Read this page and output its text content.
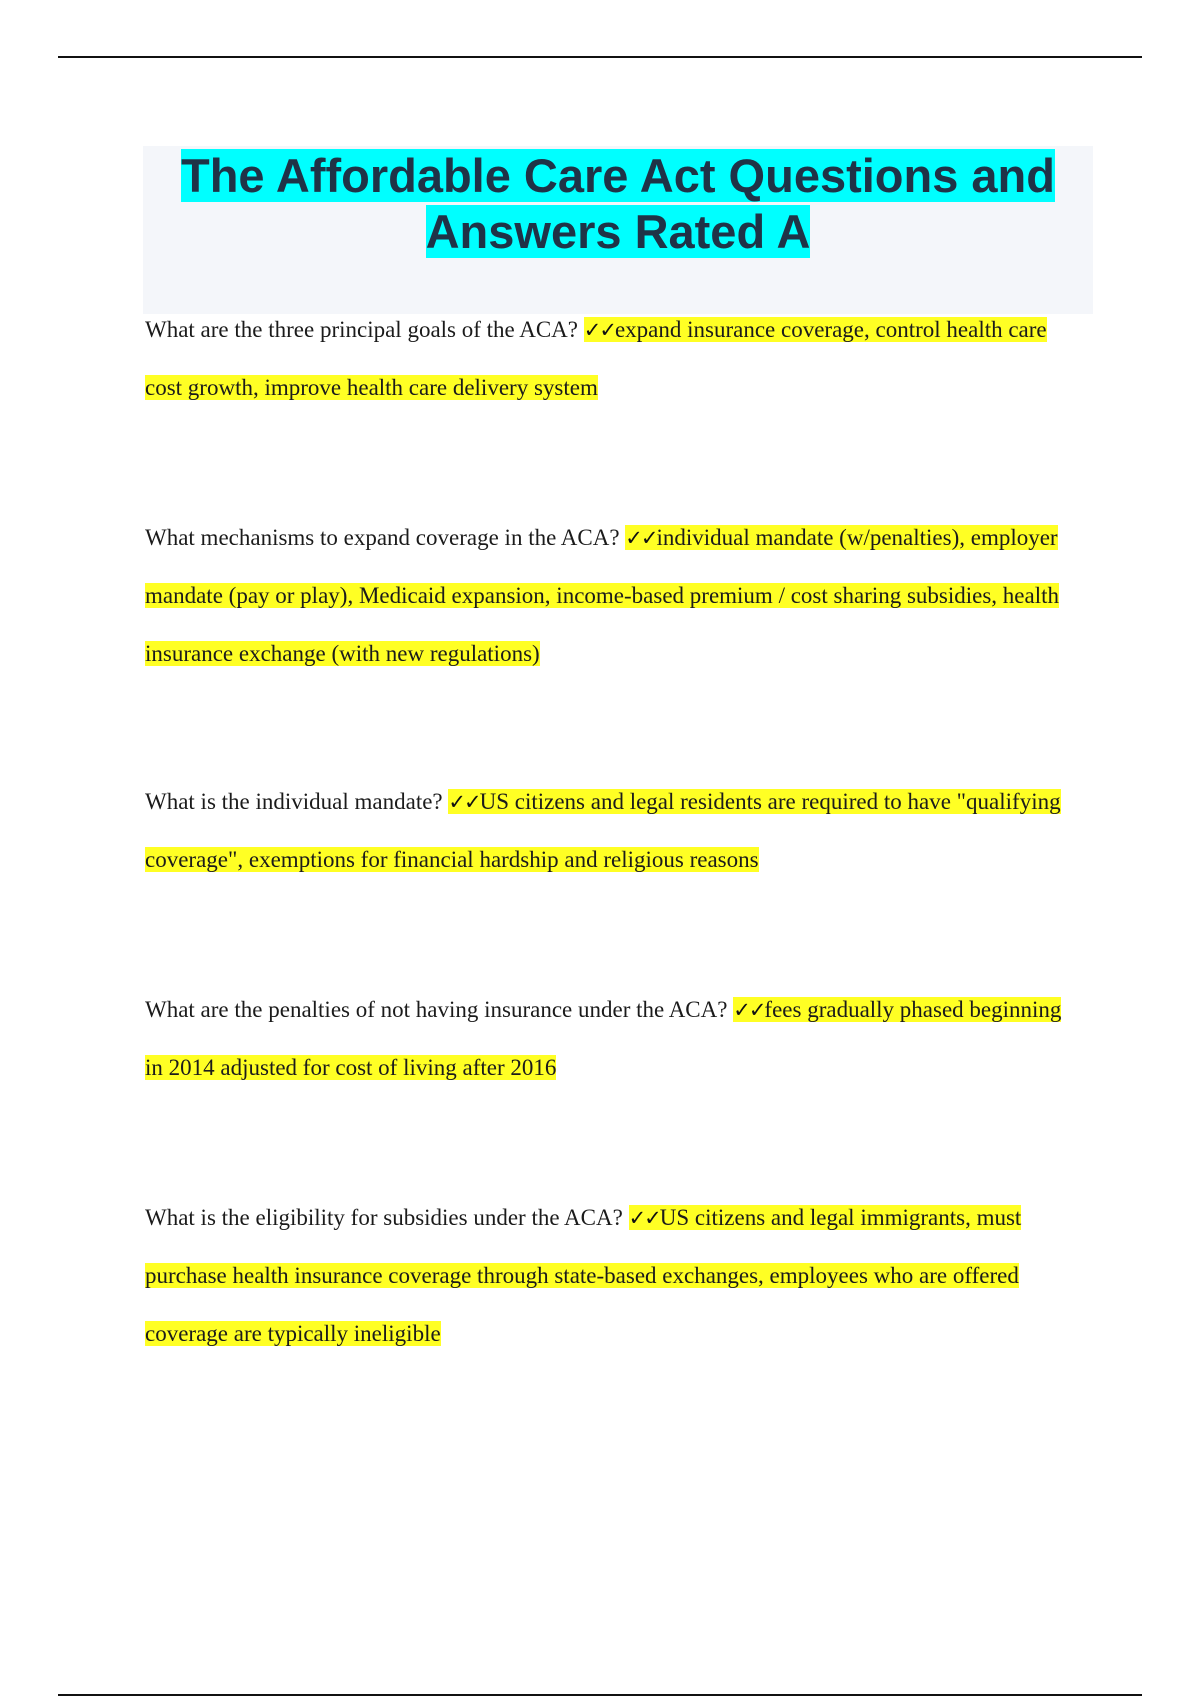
The Affordable Care Act Questions and Answers Rated A
What are the three principal goals of the ACA? ✓✓expand insurance coverage, control health care cost growth, improve health care delivery system
What mechanisms to expand coverage in the ACA? ✓✓individual mandate (w/penalties), employer mandate (pay or play), Medicaid expansion, income-based premium / cost sharing subsidies, health insurance exchange (with new regulations)
What is the individual mandate? ✓✓US citizens and legal residents are required to have "qualifying coverage", exemptions for financial hardship and religious reasons
What are the penalties of not having insurance under the ACA? ✓✓fees gradually phased beginning in 2014 adjusted for cost of living after 2016
What is the eligibility for subsidies under the ACA? ✓✓US citizens and legal immigrants, must purchase health insurance coverage through state-based exchanges, employees who are offered coverage are typically ineligible
